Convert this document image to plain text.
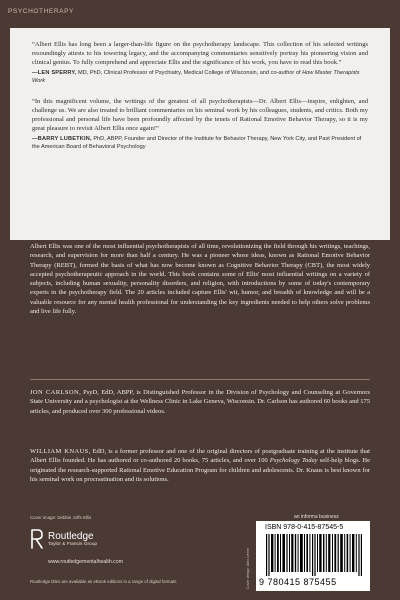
PSYCHOTHERAPY

“Albert Ellis has long been a larger-than-life figure on the psychotherapy landscape. This collection of his selected writings resoundingly attests to his towering legacy, and the accompanying commentaries sensitively portray his pioneering vision and clinical genius. To fully comprehend and appreciate Ellis and the significance of his work, you have to read this book.”

—LEN SPERRY, MD, PhD, Clinical Professor of Psychiatry, Medical College of Wisconsin, and co-author of How Master Therapists Work

“In this magnificent volume, the writings of the greatest of all psychotherapists—Dr. Albert Ellis—inspire, enlighten, and challenge us. We are also treated to brilliant commentaries on his seminal work by his colleagues, students, and critics. Both my professional and personal life have been profoundly affected by the tenets of Rational Emotive Behavior Therapy, so it is my great pleasure to revisit Albert Ellis once again!”

—BARRY LUBETKIN, PhD, ABPP, Founder and Director of the Institute for Behavior Therapy, New York City, and Past President of the American Board of Behavioral Psychology

Albert Ellis was one of the most influential psychotherapists of all time, revolutionizing the field through his writings, teachings, research, and supervision for more than half a century. He was a pioneer whose ideas, known as Rational Emotive Behavior Therapy (REBT), formed the basis of what has now become known as Cognitive Behavior Therapy (CBT), the most widely accepted psychotherapeutic approach in the world. This book contains some of Ellis' most influential writings on a variety of subjects, including human sexuality, personality disorders, and religion, with introductions by some of today's contemporary experts in the psychotherapy field. The 20 articles included capture Ellis' wit, humor, and breadth of knowledge and will be a valuable resource for any mental health professional for understanding the key ingredients needed to help others solve problems and live life fully.

JON CARLSON, PsyD, EdD, ABPP, is Distinguished Professor in the Division of Psychology and Counseling at Governors State University and a psychologist at the Wellness Clinic in Lake Geneva, Wisconsin. Dr. Carlson has authored 60 books and 175 articles, and produced over 300 professional videos.

WILLIAM KNAUS, EdD, is a former professor and one of the original directors of postgraduate training at the institute that Albert Ellis founded. He has authored or co-authored 20 books, 75 articles, and over 100 Psychology Today self-help blogs. He originated the research-supported Rational Emotive Education Program for children and adolescents. Dr. Knaus is best known for his seminal work on procrastination and its solutions.

Cover image: Debbie Joffe Ellis
Routledge
Taylor & Francis Group
www.routledgementalhealth.com
Routledge titles are available as eBook editions in a range of digital formats
an informa business
Cover design: Alex Lerner
ISBN 978-0-415-87545-5
9 780415 875455
